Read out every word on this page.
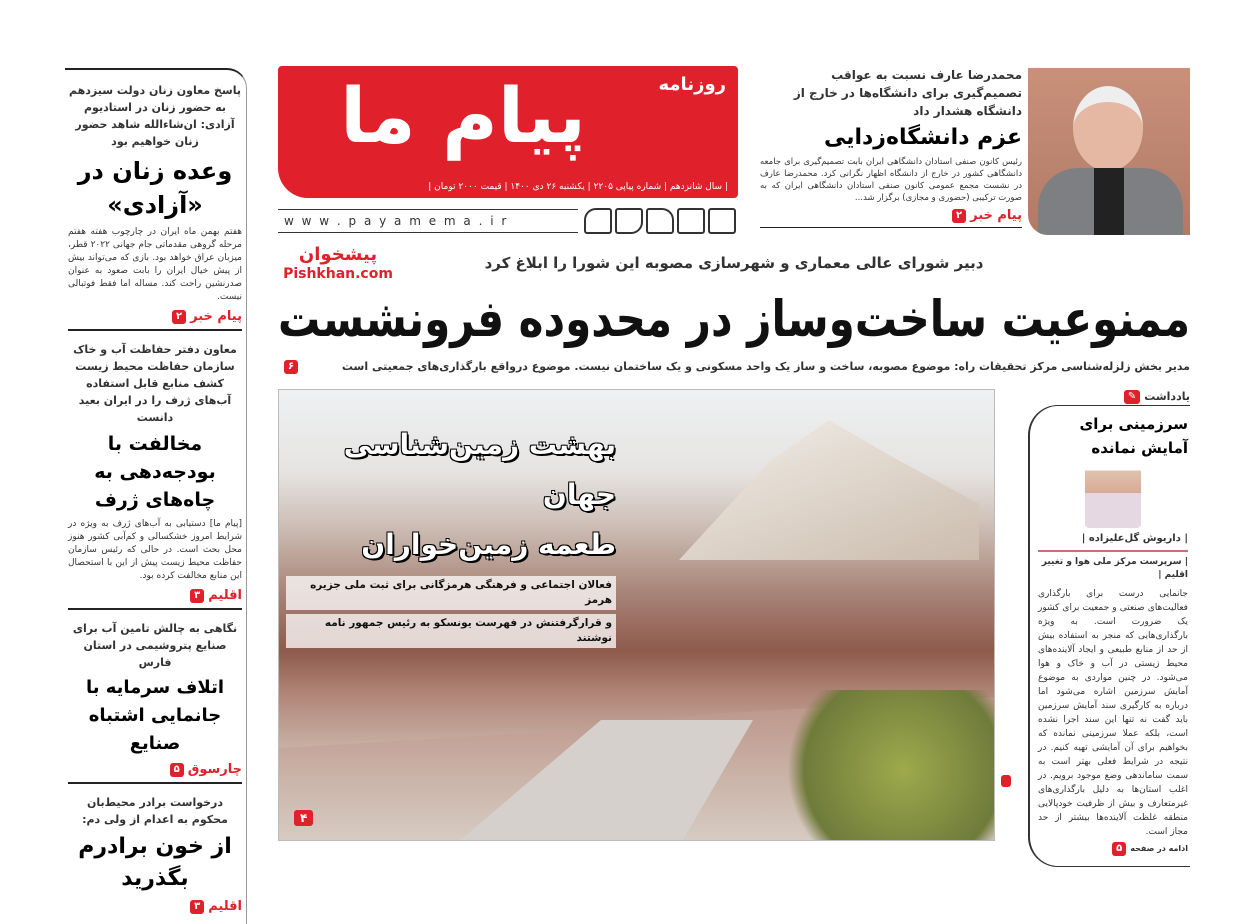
پاسخ معاون زنان دولت سیزدهم به حضور زنان در استادیوم آزادی: ان‌شاءالله شاهد حضور زنان خواهیم بود
وعده زنان در «آزادی»
هفتم بهمن ماه ایران در چارچوب هفته هفتم مرحله گروهی مقدماتی جام جهانی ۲۰۲۲ قطر، میزبان عراق خواهد بود. بازی که می‌تواند بیش از پیش خیال ایران را بابت صعود به عنوان صدرنشین راحت کند. مساله اما فقط فوتبالی نیست.
پیام خبر
۲
معاون دفتر حفاظت آب و خاک سازمان حفاظت محیط زیست کشف منابع قابل استفاده آب‌های ژرف را در ایران بعید دانست
مخالفت با بودجه‌دهی به چاه‌های ژرف
[پیام ما] دستیابی به آب‌های ژرف به ویژه در شرایط امروز خشکسالی و کم‌آبی کشور هنوز محل بحث است. در حالی که رئیس سازمان حفاظت محیط زیست پیش از این با استحصال این منابع مخالفت کرده بود.
اقلیم
۳
نگاهی به چالش تامین آب برای صنایع پتروشیمی در استان فارس
اتلاف سرمایه با جانمایی اشتباه صنایع
چارسوق
۵
درخواست برادر محیط‌بان محکوم به اعدام از ولی دم:
از خون برادرم بگذرید
اقلیم
۳
روزنامه
پیام ما
| سال شانزدهم | شماره پیاپی ۲۲۰۵ | یکشنبه ۲۶ دی ۱۴۰۰ | قیمت ۲۰۰۰ تومان |
w w w . p a y a m e m a . i r
محمدرضا عارف نسبت به عواقب تصمیم‌گیری برای دانشگاه‌ها در خارج از دانشگاه هشدار داد
عزم دانشگاه‌زدایی
رئیس کانون صنفی استادان دانشگاهی ایران بابت تصمیم‌گیری برای جامعه دانشگاهی کشور در خارج از دانشگاه اظهار نگرانی کرد. محمدرضا عارف در نشست مجمع عمومی کانون صنفی استادان دانشگاهی ایران که به صورت ترکیبی (حضوری و مجازی) برگزار شد...
پیام خبر
۲
پیشخوان
Pishkhan.com
دبیر شورای عالی معماری و شهرسازی مصوبه این شورا را ابلاغ کرد
ممنوعیت ساخت‌وساز در محدوده فرونشست
۶	مدیر بخش زلزله‌شناسی مرکز تحقیقات راه: موضوع مصوبه، ساخت و ساز یک واحد مسکونی و یک ساختمان نیست. موضوع درواقع بارگذاری‌های جمعیتی است
بهشت زمین‌شناسی جهان
طعمه زمین‌خواران
فعالان اجتماعی و فرهنگی هرمزگانی برای ثبت ملی جزیره هرمز و قرارگرفتنش در فهرست یونسکو به رئیس جمهور نامه نوشتند
۴
یادداشت
✎
سرزمینی برای آمایش نمانده
| داریوش گل‌علیزاده |
| سرپرست مرکز ملی هوا و تغییر اقلیم |
جانمایی درست برای بارگذاری فعالیت‌های صنعتی و جمعیت برای کشور یک ضرورت است. به ویژه بارگذاری‌هایی که منجر به استفاده بیش از حد از منابع طبیعی و ایجاد آلاینده‌های محیط زیستی در آب و خاک و هوا می‌شود. در چنین مواردی به موضوع آمایش سرزمین اشاره می‌شود اما درباره به کارگیری سند آمایش سرزمین باید گفت نه تنها این سند اجرا نشده است، بلکه عملا سرزمینی نمانده که بخواهیم برای آن آمایشی تهیه کنیم. در نتیجه در شرایط فعلی بهتر است به سمت ساماندهی وضع موجود برویم. در اغلب استان‌ها به دلیل بارگذاری‌های غیرمتعارف و بیش از ظرفیت خودپالایی منطقه غلظت آلاینده‌ها بیشتر از حد مجاز است.
ادامه در صفحه
۵
